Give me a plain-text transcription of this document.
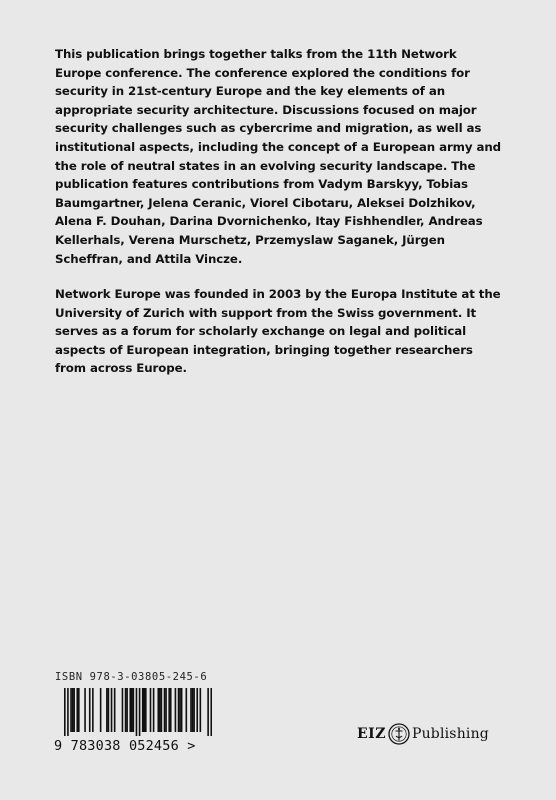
This publication brings together talks from the 11th Network Europe conference. The conference explored the conditions for security in 21st-century Europe and the key elements of an appropriate security architecture. Discussions focused on major security challenges such as cybercrime and migration, as well as institutional aspects, including the concept of a European army and the role of neutral states in an evolving security landscape. The publication features contributions from Vadym Barskyy, Tobias Baumgartner, Jelena Ceranic, Viorel Cibotaru, Aleksei Dolzhikov, Alena F. Douhan, Darina Dvornichenko, Itay Fishhendler, Andreas Kellerhals, Verena Murschetz, Przemyslaw Saganek, Jürgen Scheffran, and Attila Vincze.

Network Europe was founded in 2003 by the Europa Institute at the University of Zurich with support from the Swiss government. It serves as a forum for scholarly exchange on legal and political aspects of European integration, bringing together researchers from across Europe.

ISBN 978-3-03805-245-6
9 783038 052456 >
EIZ Publishing
